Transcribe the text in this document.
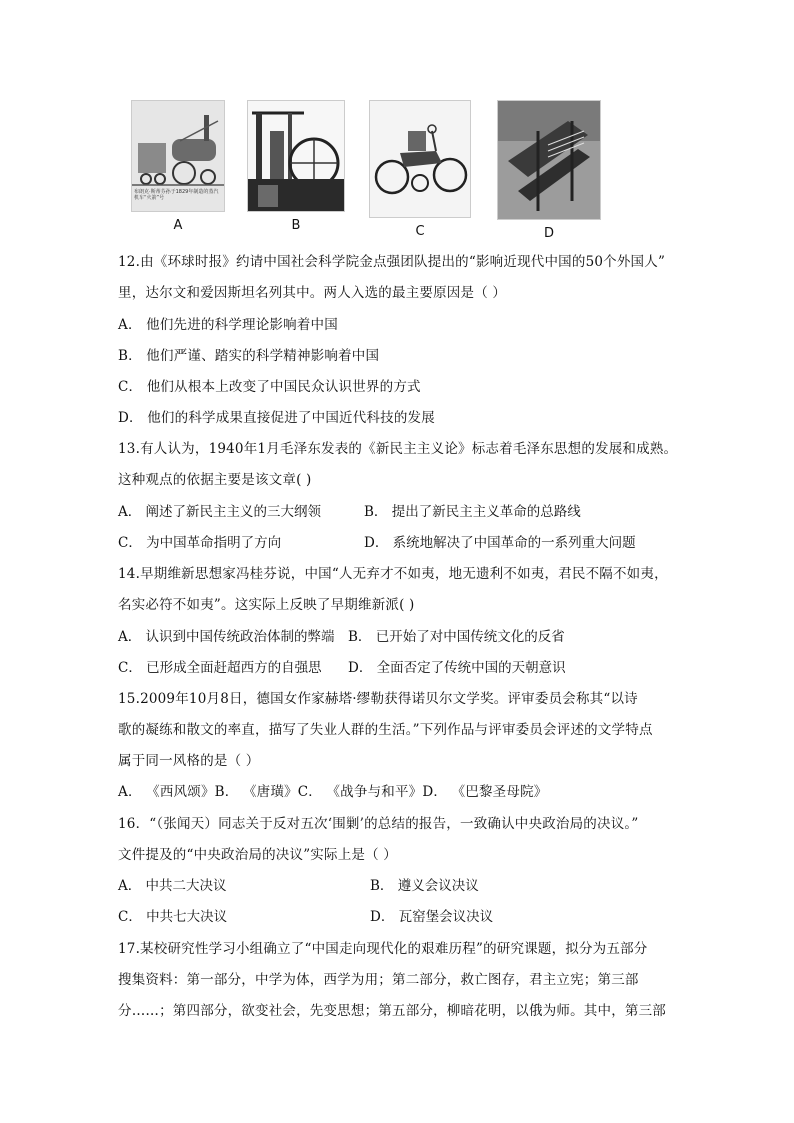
布朗克·斯蒂芬孙于1829年制造的蒸汽机车“火箭”号
A	B	C	D
12.由《环球时报》约请中国社会科学院金点强团队提出的“影响近现代中国的50个外国人”
里，达尔文和爱因斯坦名列其中。两人入选的最主要原因是（ ）
A． 他们先进的科学理论影响着中国
B． 他们严谨、踏实的科学精神影响着中国
C． 他们从根本上改变了中国民众认识世界的方式
D． 他们的科学成果直接促进了中国近代科技的发展
13.有人认为，1940年1月毛泽东发表的《新民主主义论》标志着毛泽东思想的发展和成熟。
这种观点的依据主要是该文章( )
A． 阐述了新民主主义的三大纲领	B． 提出了新民主主义革命的总路线
C． 为中国革命指明了方向	D． 系统地解决了中国革命的一系列重大问题
14.早期维新思想家冯桂芬说，中国“人无弃才不如夷，地无遗利不如夷，君民不隔不如夷，
名实必符不如夷”。这实际上反映了早期维新派( )
A． 认识到中国传统政治体制的弊端 B． 已开始了对中国传统文化的反省
C． 已形成全面赶超西方的自强思 D． 全面否定了传统中国的天朝意识
15.2009年10月8日，德国女作家赫塔·缪勒获得诺贝尔文学奖。评审委员会称其“以诗
歌的凝练和散文的率直，描写了失业人群的生活。”下列作品与评审委员会评述的文学特点
属于同一风格的是（ ）
A． 《西风颂》B． 《唐璜》C． 《战争与和平》D． 《巴黎圣母院》
16．“（张闻天）同志关于反对五次‘围剿’的总结的报告，一致确认中央政治局的决议。”
文件提及的“中央政治局的决议”实际上是（ ）
A． 中共二大决议	B． 遵义会议决议
C． 中共七大决议	D． 瓦窑堡会议决议
17.某校研究性学习小组确立了“中国走向现代化的艰难历程”的研究课题，拟分为五部分
搜集资料：第一部分，中学为体，西学为用；第二部分，救亡图存，君主立宪；第三部
分……；第四部分，欲变社会，先变思想；第五部分，柳暗花明，以俄为师。其中，第三部
